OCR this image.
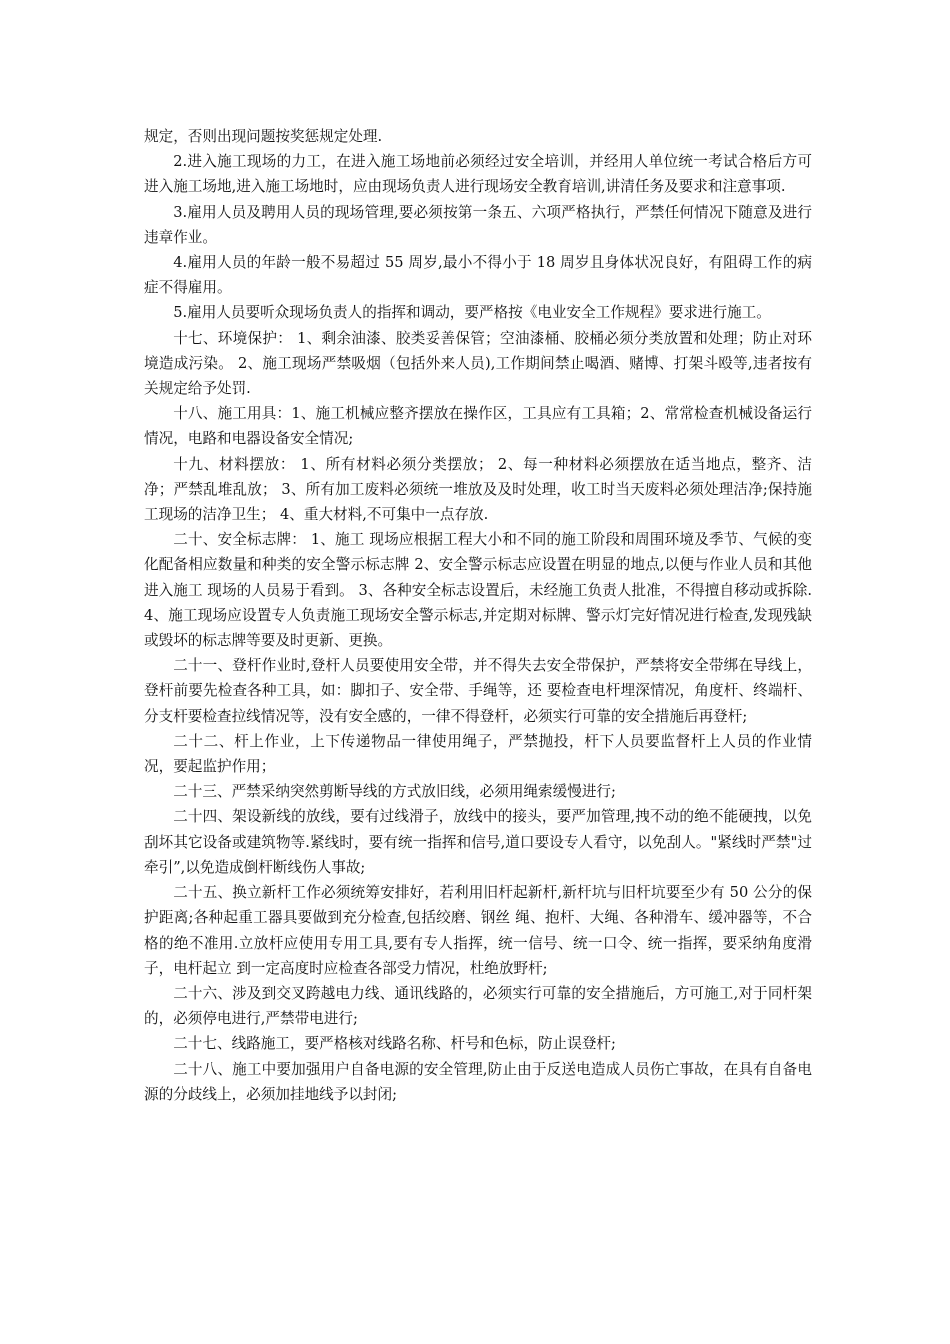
规定，否则出现问题按奖惩规定处理.

2.进入施工现场的力工，在进入施工场地前必须经过安全培训，并经用人单位统一考试合格后方可进入施工场地,进入施工场地时，应由现场负责人进行现场安全教育培训,讲清任务及要求和注意事项.

3.雇用人员及聘用人员的现场管理,要必须按第一条五、六项严格执行，严禁任何情况下随意及进行违章作业。

4.雇用人员的年龄一般不易超过 55 周岁,最小不得小于 18 周岁且身体状况良好，有阻碍工作的病症不得雇用。

5.雇用人员要听众现场负责人的指挥和调动，要严格按《电业安全工作规程》要求进行施工。

十七、环境保护： 1、剩余油漆、胶类妥善保管；空油漆桶、胶桶必须分类放置和处理；防止对环境造成污染。 2、施工现场严禁吸烟（包括外来人员),工作期间禁止喝酒、赌博、打架斗殴等,违者按有关规定给予处罚.

十八、施工用具：1、施工机械应整齐摆放在操作区，工具应有工具箱；2、常常检查机械设备运行情况，电路和电器设备安全情况;

十九、材料摆放： 1、所有材料必须分类摆放； 2、每一种材料必须摆放在适当地点，整齐、洁净；严禁乱堆乱放； 3、所有加工废料必须统一堆放及及时处理，收工时当天废料必须处理洁净;保持施工现场的洁净卫生； 4、重大材料,不可集中一点存放.

二十、安全标志牌： 1、施工 现场应根据工程大小和不同的施工阶段和周围环境及季节、气候的变化配备相应数量和种类的安全警示标志牌 2、安全警示标志应设置在明显的地点,以便与作业人员和其他进入施工 现场的人员易于看到。 3、各种安全标志设置后，未经施工负责人批准，不得擅自移动或拆除. 4、施工现场应设置专人负责施工现场安全警示标志,并定期对标牌、警示灯完好情况进行检查,发现残缺或毁坏的标志牌等要及时更新、更换。

二十一、登杆作业时,登杆人员要使用安全带，并不得失去安全带保护，严禁将安全带绑在导线上，登杆前要先检查各种工具，如：脚扣子、安全带、手绳等，还 要检查电杆埋深情况，角度杆、终端杆、分支杆要检查拉线情况等，没有安全感的，一律不得登杆，必须实行可靠的安全措施后再登杆;

二十二、杆上作业，上下传递物品一律使用绳子，严禁抛投，杆下人员要监督杆上人员的作业情况，要起监护作用；

二十三、严禁采纳突然剪断导线的方式放旧线，必须用绳索缓慢进行;

二十四、架设新线的放线，要有过线滑子，放线中的接头，要严加管理,拽不动的绝不能硬拽，以免刮坏其它设备或建筑物等.紧线时，要有统一指挥和信号,道口要设专人看守，以免刮人。"紧线时严禁"过牵引”,以免造成倒杆断线伤人事故;

二十五、换立新杆工作必须统筹安排好，若利用旧杆起新杆,新杆坑与旧杆坑要至少有 50 公分的保护距离;各种起重工器具要做到充分检查,包括绞磨、钢丝 绳、抱杆、大绳、各种滑车、缓冲器等，不合格的绝不准用.立放杆应使用专用工具,要有专人指挥，统一信号、统一口令、统一指挥，要采纳角度滑子，电杆起立 到一定高度时应检查各部受力情况，杜绝放野杆;

二十六、涉及到交叉跨越电力线、通讯线路的，必须实行可靠的安全措施后，方可施工,对于同杆架的，必须停电进行,严禁带电进行;

二十七、线路施工，要严格核对线路名称、杆号和色标，防止误登杆;

二十八、施工中要加强用户自备电源的安全管理,防止由于反送电造成人员伤亡事故，在具有自备电源的分歧线上，必须加挂地线予以封闭;
